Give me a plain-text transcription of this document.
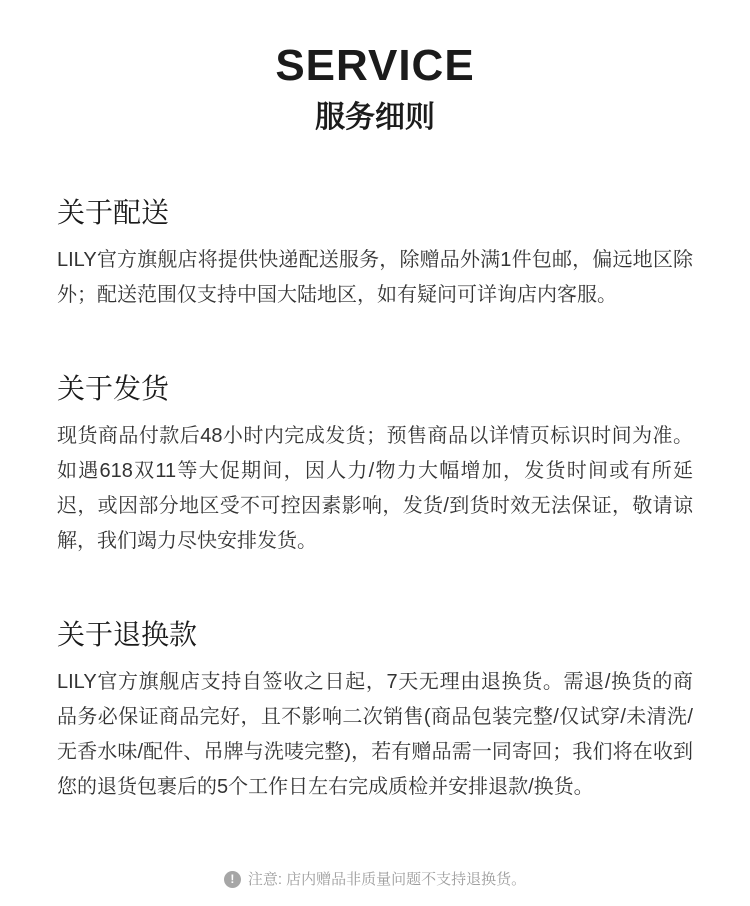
SERVICE
服务细则
关于配送
LILY官方旗舰店将提供快递配送服务，除赠品外满1件包邮，偏远地区除外；配送范围仅支持中国大陆地区，如有疑问可详询店内客服。
关于发货
现货商品付款后48小时内完成发货；预售商品以详情页标识时间为准。如遇618双11等大促期间，因人力/物力大幅增加，发货时间或有所延迟，或因部分地区受不可控因素影响，发货/到货时效无法保证，敬请谅解，我们竭力尽快安排发货。
关于退换款
LILY官方旗舰店支持自签收之日起，7天无理由退换货。需退/换货的商品务必保证商品完好，且不影响二次销售(商品包装完整/仅试穿/未清洗/无香水味/配件、吊牌与洗唛完整)，若有赠品需一同寄回；我们将在收到您的退货包裹后的5个工作日左右完成质检并安排退款/换货。
! 注意: 店内赠品非质量问题不支持退换货。
